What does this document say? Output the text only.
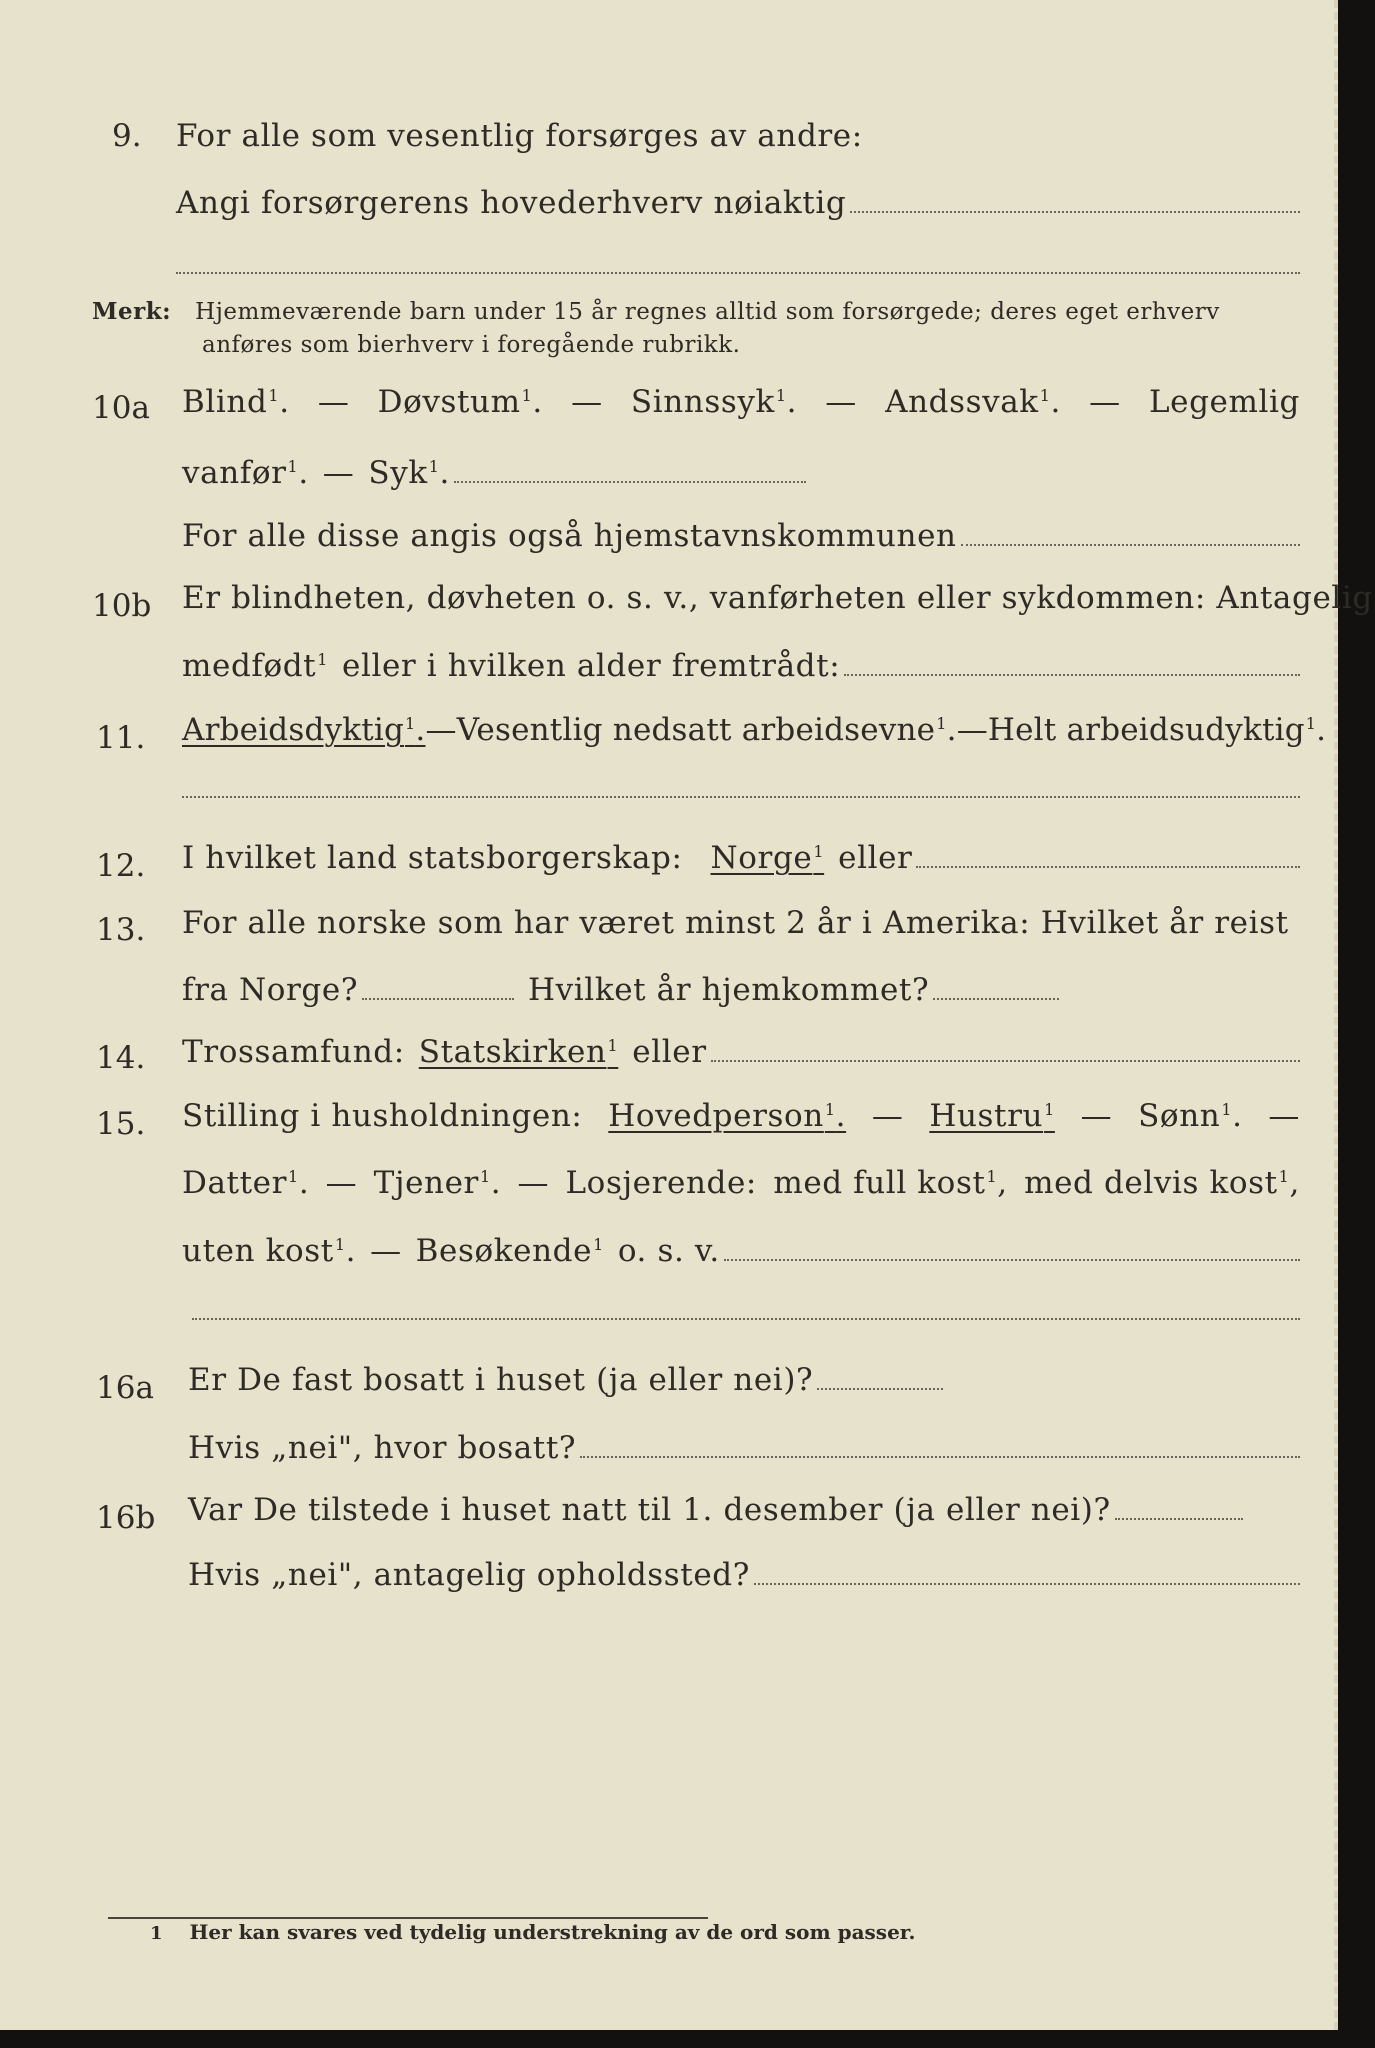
9. For alle som vesentlig forsørges av andre:
Angi forsørgerens hovederhverv nøiaktig
Merk: Hjemmeværende barn under 15 år regnes alltid som forsørgede; deres eget erhverv
anføres som bierhverv i foregående rubrikk.
10a Blind$^1$. — Døvstum$^1$. — Sinnssyk$^1$. — Andssvak$^1$. — Legemlig
vanfør$^1$. — Syk$^1$.
For alle disse angis også hjemstavnskommunen
10b Er blindheten, døvheten o. s. v., vanførheten eller sykdommen: Antagelig
medfødt$^1$ eller i hvilken alder fremtrådt:
11. Arbeidsdyktig$^1$. — Vesentlig nedsatt arbeidsevne$^1$. — Helt arbeidsudyktig$^1$.
12. I hvilket land statsborgerskap: Norge$^1$ eller
13. For alle norske som har været minst 2 år i Amerika: Hvilket år reist
fra Norge?	Hvilket år hjemkommet?
14. Trossamfund: Statskirken$^1$ eller
15. Stilling i husholdningen: Hovedperson$^1$. — Hustru$^1$ — Sønn$^1$. —
Datter$^1$. — Tjener$^1$. — Losjerende: med full kost$^1$, med delvis kost$^1$,
uten kost$^1$. — Besøkende$^1$ o. s. v.
16a Er De fast bosatt i huset (ja eller nei)?
Hvis „nei", hvor bosatt?
16b Var De tilstede i huset natt til 1. desember (ja eller nei)?
Hvis „nei", antagelig opholdssted?
1 Her kan svares ved tydelig understrekning av de ord som passer.
